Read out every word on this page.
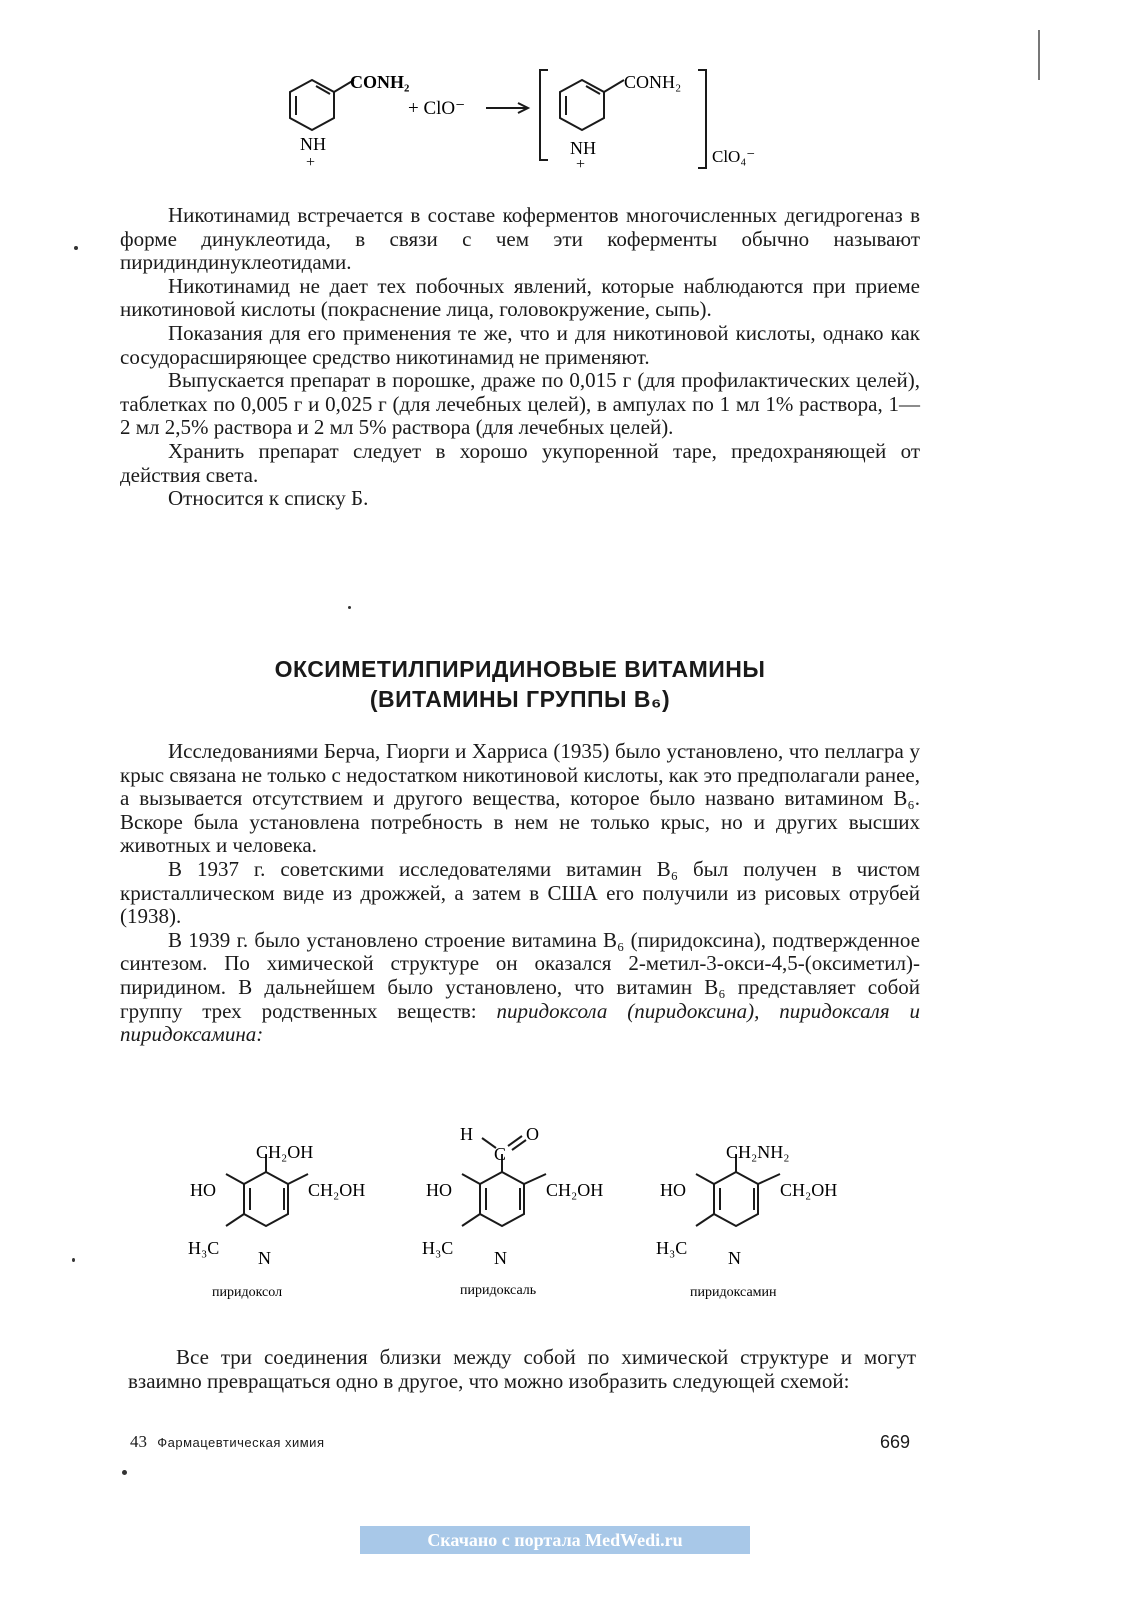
CONH₂
NH
+
+ ClO⁻
CONH₂
NH
+	ClO₄⁻

Никотинамид встречается в составе коферментов многочисленных дегидрогеназ в форме динуклеотида, в связи с чем эти коферменты обычно называют пиридиндинуклеотидами.

Никотинамид не дает тех побочных явлений, которые наблюдаются при приеме никотиновой кислоты (покраснение лица, головокружение, сыпь).

Показания для его применения те же, что и для никотиновой кислоты, однако как сосудорасширяющее средство никотинамид не применяют.

Выпускается препарат в порошке, драже по 0,015 г (для профилактических целей), таблетках по 0,005 г и 0,025 г (для лечебных целей), в ампулах по 1 мл 1% раствора, 1—2 мл 2,5% раствора и 2 мл 5% раствора (для лечебных целей).

Хранить препарат следует в хорошо укупоренной таре, предохраняющей от действия света.

Относится к списку Б.

ОКСИМЕТИЛПИРИДИНОВЫЕ ВИТАМИНЫ
(ВИТАМИНЫ ГРУППЫ B₆)

Исследованиями Берча, Гиорги и Харриса (1935) было установлено, что пеллагра у крыс связана не только с недостатком никотиновой кислоты, как это предполагали ранее, а вызывается отсутствием и другого вещества, которое было названо витамином B₆. Вскоре была установлена потребность в нем не только крыс, но и других высших животных и человека.

В 1937 г. советскими исследователями витамин B₆ был получен в чистом кристаллическом виде из дрожжей, а затем в США его получили из рисовых отрубей (1938).

В 1939 г. было установлено строение витамина B₆ (пиридоксина), подтвержденное синтезом. По химической структуре он оказался 2-метил-3-окси-4,5-(оксиметил)-пиридином. В дальнейшем было установлено, что витамин B₆ представляет собой группу трех родственных веществ: пиридоксола (пиридоксина), пиридоксаля и пиридоксамина:

CH₂OH
HO	CH₂OH
H₃C N
пиридоксол
H
C
O
HO	CH₂OH
H₃C N
пиридоксаль
CH₂NH₂
HO	CH₂OH
H₃C N
пиридоксамин

Все три соединения близки между собой по химической структуре и могут взаимно превращаться одно в другое, что можно изобразить следующей схемой:

43 Фармацевтическая химия	669
Скачано с портала MedWedi.ru
